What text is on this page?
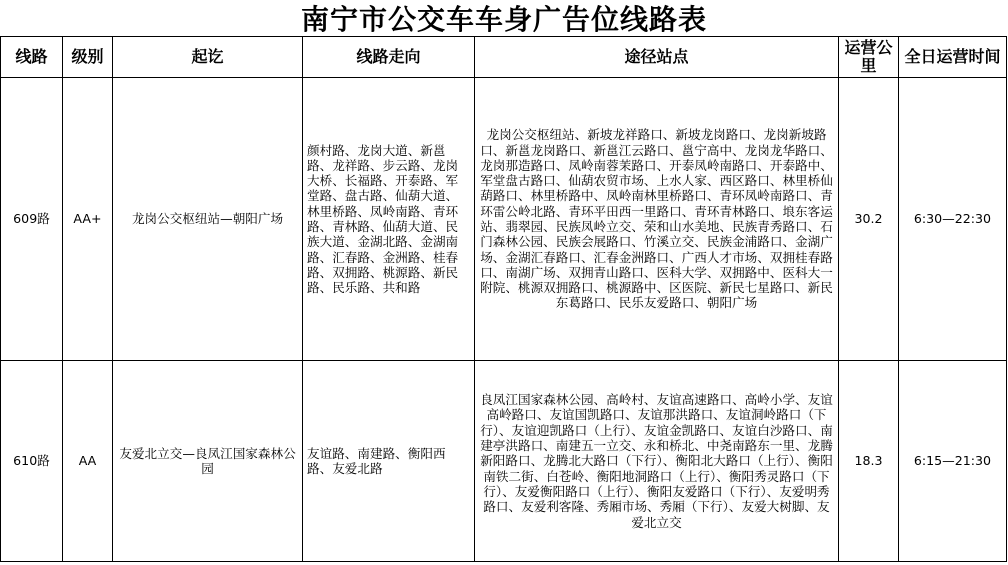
南宁市公交车车身广告位线路表
线路	级别	起讫	线路走向	途径站点	运营公里	全日运营时间
609路	AA+	龙岗公交枢纽站—朝阳广场	颜村路、龙岗大道、新邕路、龙祥路、步云路、龙岗大桥、长福路、开泰路、军堂路、盘古路、仙葫大道、林里桥路、凤岭南路、青环路、青林路、仙葫大道、民族大道、金湖北路、金湖南路、汇春路、金洲路、桂春路、双拥路、桃源路、新民路、民乐路、共和路	龙岗公交枢纽站、新坡龙祥路口、新坡龙岗路口、龙岗新坡路口、新邕龙岗路口、新邕江云路口、邕宁高中、龙岗龙华路口、龙岗那造路口、凤岭南蓉茉路口、开泰凤岭南路口、开泰路中、军堂盘古路口、仙葫农贸市场、上水人家、西区路口、林里桥仙葫路口、林里桥路中、凤岭南林里桥路口、青环凤岭南路口、青环雷公岭北路、青环平田西一里路口、青环青林路口、埌东客运站、翡翠园、民族凤岭立交、荣和山水美地、民族青秀路口、石门森林公园、民族会展路口、竹溪立交、民族金浦路口、金湖广场、金湖汇春路口、汇春金洲路口、广西人才市场、双拥桂春路口、南湖广场、双拥青山路口、医科大学、双拥路中、医科大一附院、桃源双拥路口、桃源路中、区医院、新民七星路口、新民东葛路口、民乐友爱路口、朝阳广场	30.2	6:30—22:30
610路	AA	友爱北立交—良凤江国家森林公园	友谊路、南建路、衡阳西路、友爱北路	良凤江国家森林公园、高岭村、友谊高速路口、高岭小学、友谊高岭路口、友谊国凯路口、友谊那洪路口、友谊洞岭路口（下行）、友谊迎凯路口（上行）、友谊金凯路口、友谊白沙路口、南建亭洪路口、南建五一立交、永和桥北、中尧南路东一里、龙腾新阳路口、龙腾北大路口（下行）、衡阳北大路口（上行）、衡阳南铁二街、白苍岭、衡阳地洞路口（上行）、衡阳秀灵路口（下行）、友爱衡阳路口（上行）、衡阳友爱路口（下行）、友爱明秀路口、友爱利客隆、秀厢市场、秀厢（下行）、友爱大树脚、友爱北立交	18.3	6:15—21:30
